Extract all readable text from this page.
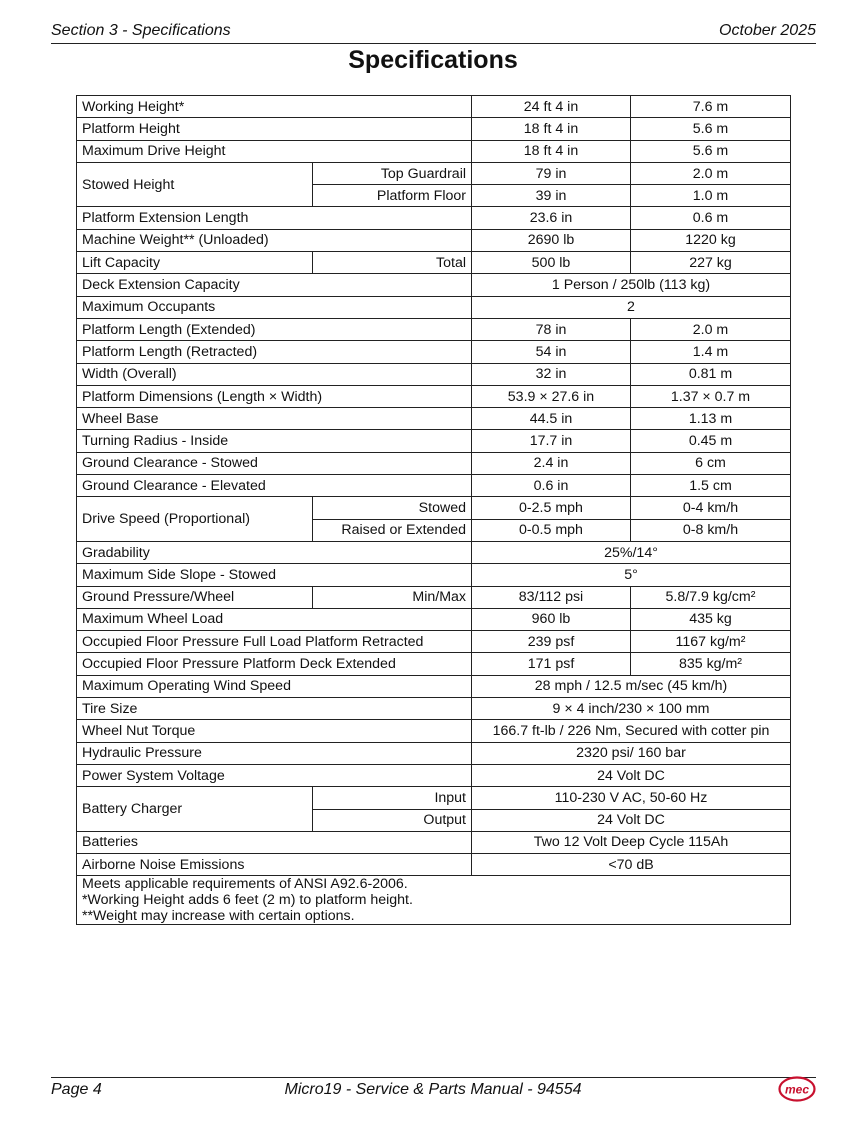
Section 3 - Specifications	October 2025
Specifications
Working Height*		24 ft 4 in	7.6 m
Platform Height		18 ft 4 in	5.6 m
Maximum Drive Height		18 ft 4 in	5.6 m
Stowed Height	Top Guardrail	79 in	2.0 m
	Platform Floor	39 in	1.0 m
Platform Extension Length		23.6 in	0.6 m
Machine Weight** (Unloaded)		2690 lb	1220 kg
Lift Capacity	Total	500 lb	227 kg
Deck Extension Capacity		1 Person / 250lb (113 kg)	
Maximum Occupants		2	
Platform Length (Extended)		78 in	2.0 m
Platform Length (Retracted)		54 in	1.4 m
Width (Overall)		32 in	0.81 m
Platform Dimensions (Length × Width)		53.9 × 27.6 in	1.37 × 0.7 m
Wheel Base		44.5 in	1.13 m
Turning Radius - Inside		17.7 in	0.45 m
Ground Clearance - Stowed		2.4 in	6 cm
Ground Clearance - Elevated		0.6 in	1.5 cm
Drive Speed (Proportional)	Stowed	0-2.5 mph	0-4 km/h
	Raised or Extended	0-0.5 mph	0-8 km/h
Gradability		25%/14°	
Maximum Side Slope - Stowed		5°	
Ground Pressure/Wheel	Min/Max	83/112 psi	5.8/7.9 kg/cm²
Maximum Wheel Load		960 lb	435 kg
Occupied Floor Pressure Full Load Platform Retracted		239 psf	1167 kg/m²
Occupied Floor Pressure Platform Deck Extended		171 psf	835 kg/m²
Maximum Operating Wind Speed		28 mph / 12.5 m/sec (45 km/h)	
Tire Size		9 × 4 inch/230 × 100 mm	
Wheel Nut Torque		166.7 ft-lb / 226 Nm, Secured with cotter pin	
Hydraulic Pressure		2320 psi/ 160 bar	
Power System Voltage		24 Volt DC	
Battery Charger	Input	110-230 V AC, 50-60 Hz	
	Output	24 Volt DC	
Batteries		Two 12 Volt Deep Cycle 115Ah	
Airborne Noise Emissions		<70 dB	

Meets applicable requirements of ANSI A92.6-2006.
*Working Height adds 6 feet (2 m) to platform height.
**Weight may increase with certain options.			
Page 4	Micro19 - Service & Parts Manual - 94554	mec
